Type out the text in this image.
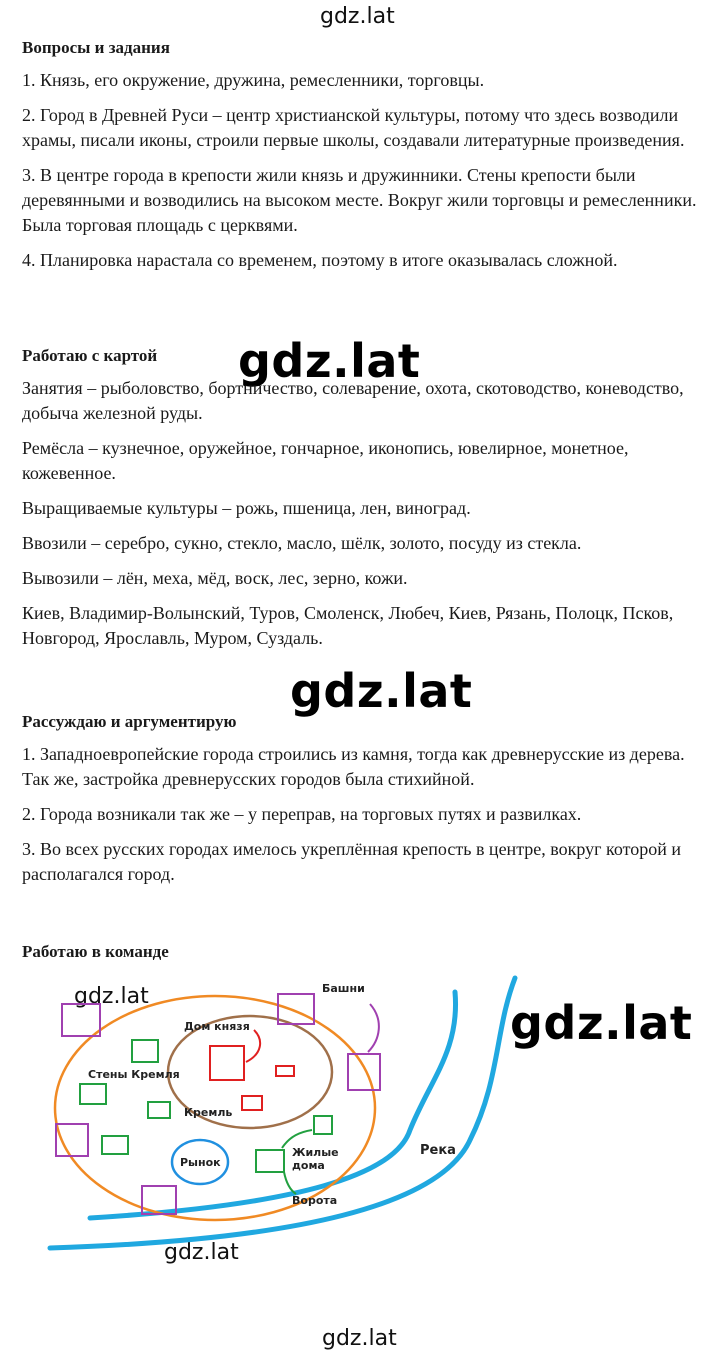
gdz.lat
gdz.lat
gdz.lat
gdz.lat
gdz.lat
gdz.lat
gdz.lat
Вопросы и задания

1. Князь, его окружение, дружина, ремесленники, торговцы.

2. Город в Древней Руси – центр христианской культуры, потому что здесь возводили храмы, писали иконы, строили первые школы, создавали литературные произведения.

3. В центре города в крепости жили князь и дружинники. Стены крепости были деревянными и возводились на высоком месте. Вокруг жили торговцы и ремесленники. Была торговая площадь с церквями.

4. Планировка нарастала со временем, поэтому в итоге оказывалась сложной.

Работаю с картой

Занятия – рыболовство, бортничество, солеварение, охота, скотоводство, коневодство, добыча железной руды.

Ремёсла – кузнечное, оружейное, гончарное, иконопись, ювелирное, монетное, кожевенное.

Выращиваемые культуры – рожь, пшеница, лен, виноград.

Ввозили – серебро, сукно, стекло, масло, шёлк, золото, посуду из стекла.

Вывозили – лён, меха, мёд, воск, лес, зерно, кожи.

Киев, Владимир-Волынский, Туров, Смоленск, Любеч, Киев, Рязань, Полоцк, Псков, Новгород, Ярославль, Муром, Суздаль.

Рассуждаю и аргументирую

1. Западноевропейские города строились из камня, тогда как древнерусские из дерева. Так же, застройка древнерусских городов была стихийной.

2. Города возникали так же – у переправ, на торговых путях и развилках.

3. Во всех русских городах имелось укреплённая крепость в центре, вокруг которой и располагался город.

Работаю в команде
Дом князя
Башни
Стены Кремля
Кремль
Рынок
Жилые
дома
Ворота
Река
